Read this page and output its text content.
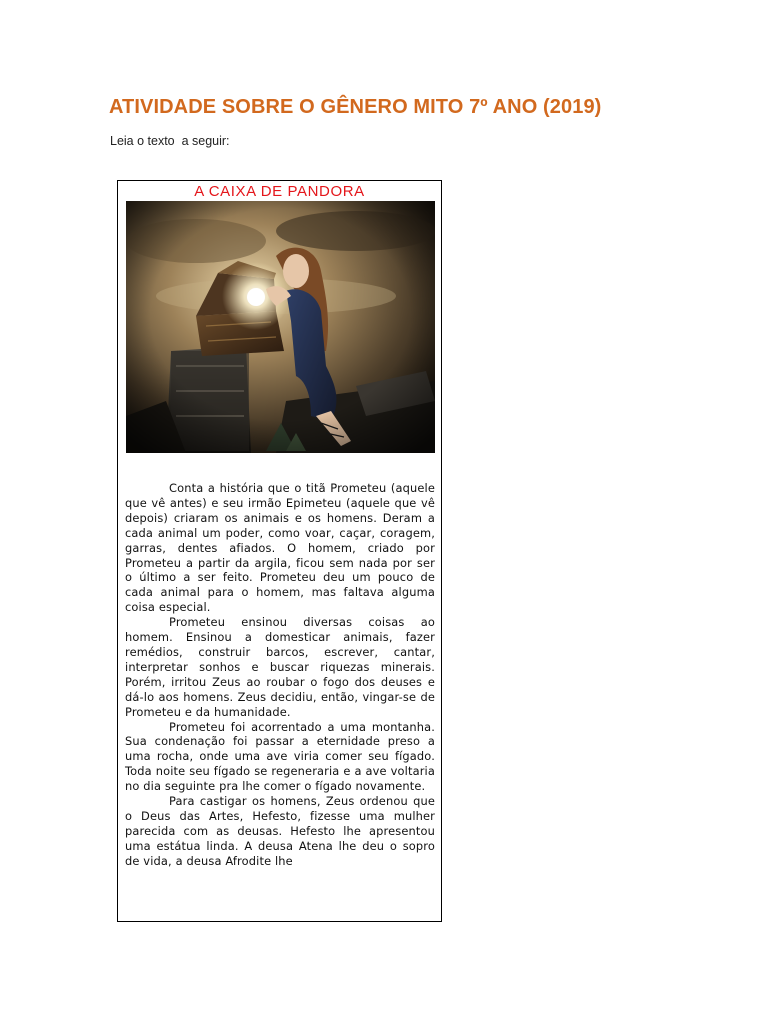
ATIVIDADE SOBRE O GÊNERO MITO 7º ANO (2019)
Leia o texto  a seguir:
A CAIXA DE PANDORA

Conta a história que o titã Prometeu (aquele que vê antes) e seu irmão Epimeteu (aquele que vê depois) criaram os animais e os homens. Deram a cada animal um poder, como voar, caçar, coragem, garras, dentes afiados. O homem, criado por Prometeu a partir da argila, ficou sem nada por ser o último a ser feito. Prometeu deu um pouco de cada animal para o homem, mas faltava alguma coisa especial.

Prometeu ensinou diversas coisas ao homem. Ensinou a domesticar animais, fazer remédios, construir barcos, escrever, cantar, interpretar sonhos e buscar riquezas minerais. Porém, irritou Zeus ao roubar o fogo dos deuses e dá-lo aos homens. Zeus decidiu, então, vingar-se de Prometeu e da humanidade.

Prometeu foi acorrentado a uma montanha. Sua condenação foi passar a eternidade preso a uma rocha, onde uma ave viria comer seu fígado. Toda noite seu fígado se regeneraria e a ave voltaria no dia seguinte pra lhe comer o fígado novamente.

Para castigar os homens, Zeus ordenou que o Deus das Artes, Hefesto, fizesse uma mulher parecida com as deusas. Hefesto lhe apresentou uma estátua linda. A deusa Atena lhe deu o sopro de vida, a deusa Afrodite lhe
